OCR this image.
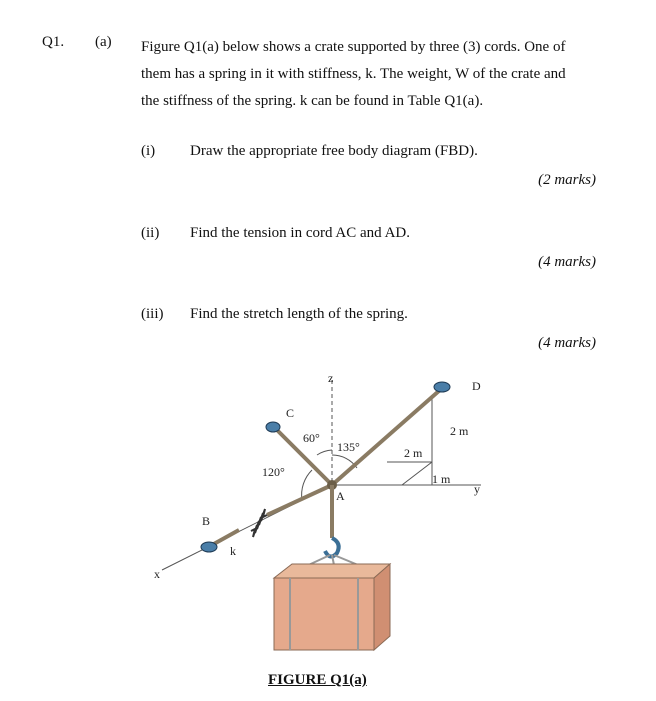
Q1. (a) Figure Q1(a) below shows a crate supported by three (3) cords. One of
them has a spring in it with stiffness, k. The weight, W of the crate and
the stiffness of the spring. k can be found in Table Q1(a).
(i) Draw the appropriate free body diagram (FBD).
(2 marks)
(ii) Find the tension in cord AC and AD.
(4 marks)
(iii) Find the stretch length of the spring.
(4 marks)
z
C
D
60°
135°
2 m
2 m
120°	1 m
y
A
B
k
x
FIGURE Q1(a)
